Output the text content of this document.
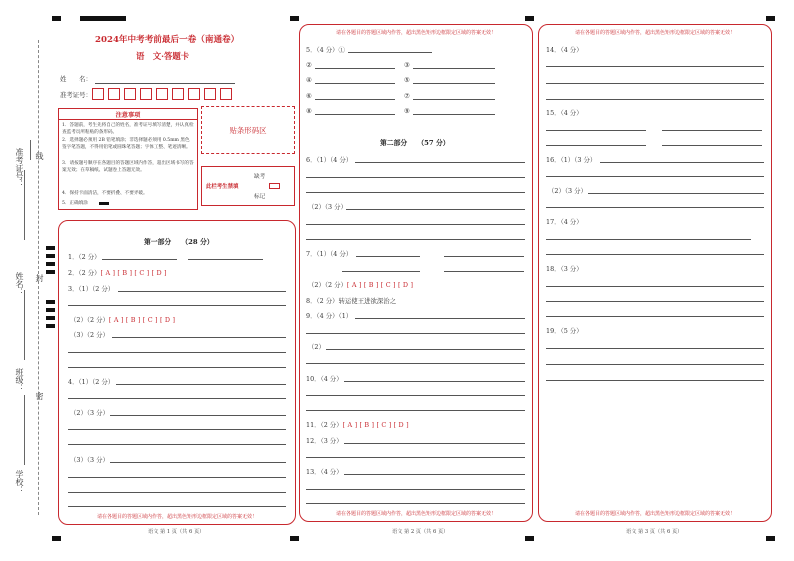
准考证号： 线
姓名： 封
班级：
密
学校：
2024年中考考前最后一卷（南通卷）
语　文·答题卡
姓　　名：
准考证号：
注意事项
1．答题前，考生先将自己的姓名，准考证号填写清楚，并认真检查监考员所粘贴的条形码。
2．选择题必须用 2B 铅笔填涂；非选择题必须用 0.5mm 黑色签字笔答题，不得用铅笔或圆珠笔答题；字体工整、笔迹清晰。
3．请按题号顺序在各题目的答题区域内作答，超出区域书写的答案无效；在草稿纸、试题卷上答题无效。
4．保持卡面清洁，不要折叠、不要弄破。
5．正确填涂
贴条形码区
此栏考生禁填
缺考
标记
请在各题目的答题区域内作答，超出黑色矩形边框限定区域的答案无效！
第一部分　　（28 分）
1．（2 分）
2．（2 分）[ A ] [ B ] [ C ] [ D ]
3．（1）（2 分）
（2）（2 分）[ A ] [ B ] [ C ] [ D ]
（3）（2 分）
4．（1）（2 分）
（2）（3 分）
（3）（3 分）
语文 第 1 页（共 6 页）
请在各题目的答题区域内作答，超出黑色矩形边框限定区域的答案无效！
请在各题目的答题区域内作答，超出黑色矩形边框限定区域的答案无效！
5．（4 分）①
②	③
④	⑤
⑥	⑦
⑧	⑨
第二部分　　（57 分）
6．（1）（4 分）
（2）（3 分）
7．（1）（4 分）
（2）（2 分）[ A ] [ B ] [ C ] [ D ]
8．（2 分）转运使王进欲深治之
9．（4 分）（1）
（2）
10．（4 分）
11．（2 分）[ A ] [ B ] [ C ] [ D ]
12．（3 分）
13．（4 分）
语文 第 2 页（共 6 页）
请在各题目的答题区域内作答，超出黑色矩形边框限定区域的答案无效！
请在各题目的答题区域内作答，超出黑色矩形边框限定区域的答案无效！
14．（4 分）
15．（4 分）
16．（1）（3 分）
（2）（3 分）
17．（4 分）
18．（3 分）
19．（5 分）
语文 第 3 页（共 6 页）
